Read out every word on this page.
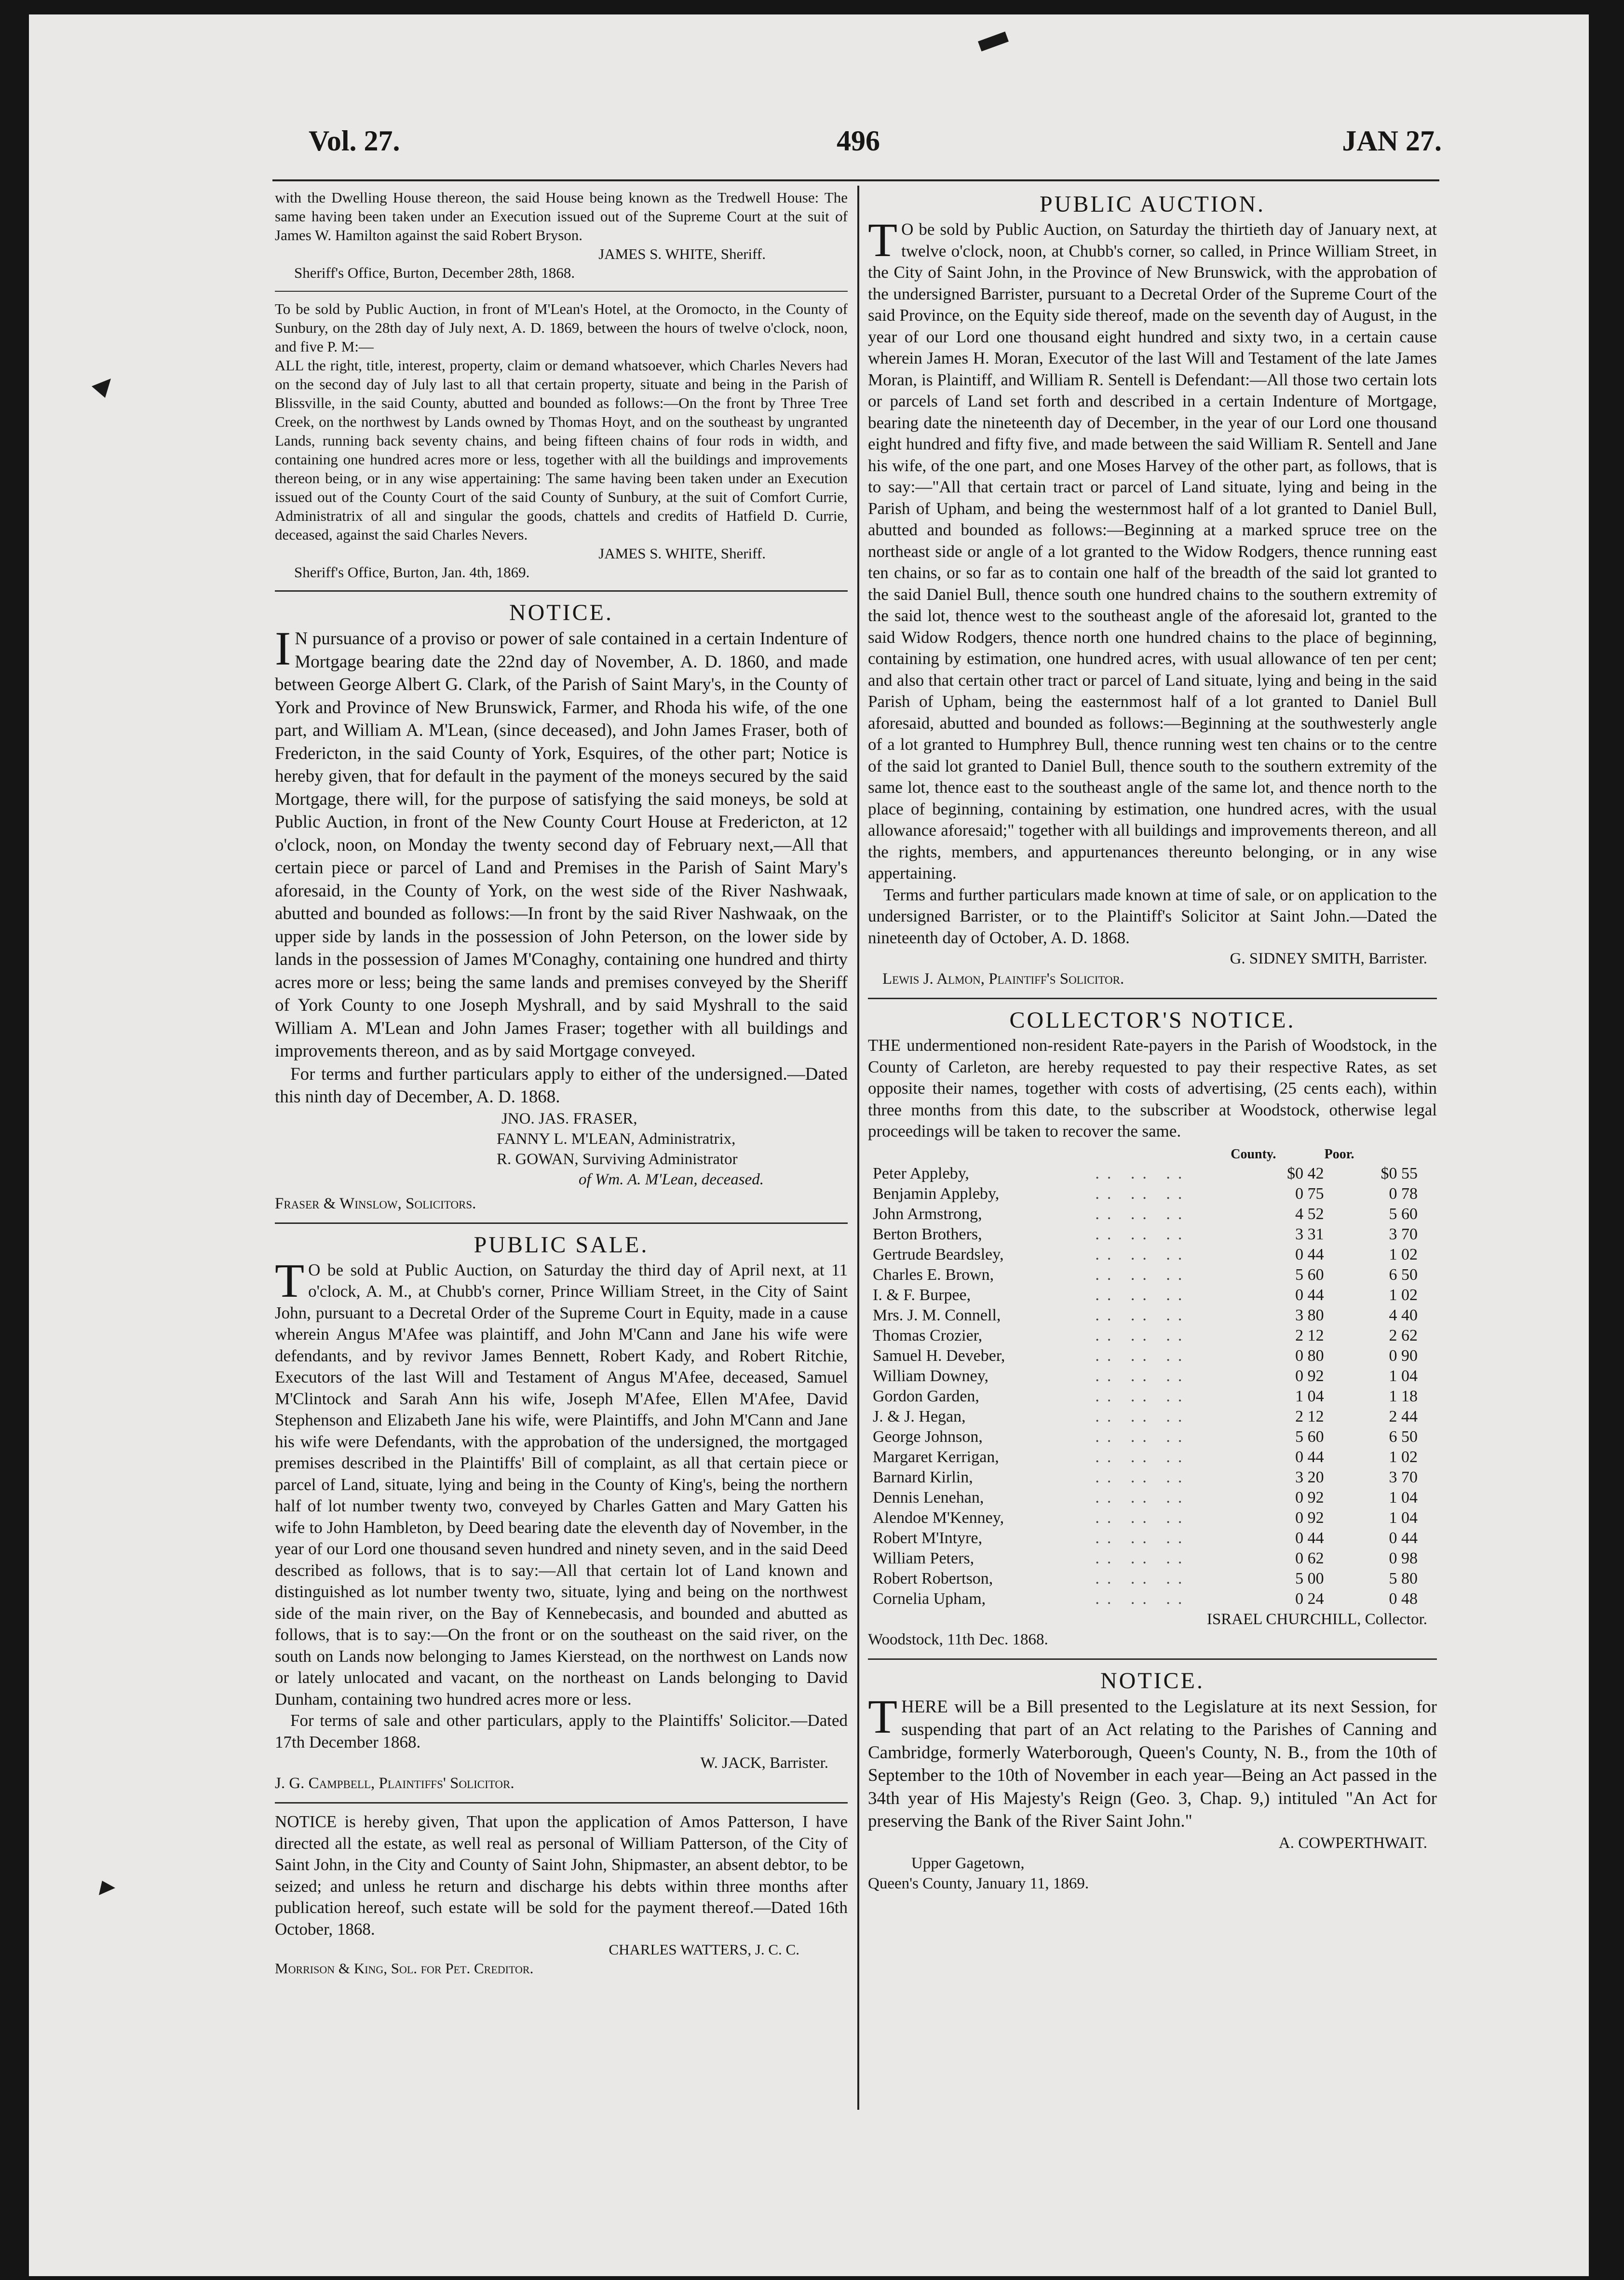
Vol. 27.	496	JAN 27.

with the Dwelling House thereon, the said House being known as the Tredwell House: The same having been taken under an Execution issued out of the Supreme Court at the suit of James W. Hamilton against the said Robert Bryson.

JAMES S. WHITE, Sheriff.

Sheriff's Office, Burton, December 28th, 1868.

To be sold by Public Auction, in front of M'Lean's Hotel, at the Oromocto, in the County of Sunbury, on the 28th day of July next, A. D. 1869, between the hours of twelve o'clock, noon, and five P. M:—

ALL the right, title, interest, property, claim or demand whatsoever, which Charles Nevers had on the second day of July last to all that certain property, situate and being in the Parish of Blissville, in the said County, abutted and bounded as follows:—On the front by Three Tree Creek, on the northwest by Lands owned by Thomas Hoyt, and on the southeast by ungranted Lands, running back seventy chains, and being fifteen chains of four rods in width, and containing one hundred acres more or less, together with all the buildings and improvements thereon being, or in any wise appertaining: The same having been taken under an Execution issued out of the County Court of the said County of Sunbury, at the suit of Comfort Currie, Administratrix of all and singular the goods, chattels and credits of Hatfield D. Currie, deceased, against the said Charles Nevers.

JAMES S. WHITE, Sheriff.

Sheriff's Office, Burton, Jan. 4th, 1869.

NOTICE.

IN pursuance of a proviso or power of sale contained in a certain Indenture of Mortgage bearing date the 22nd day of November, A. D. 1860, and made between George Albert G. Clark, of the Parish of Saint Mary's, in the County of York and Province of New Brunswick, Farmer, and Rhoda his wife, of the one part, and William A. M'Lean, (since deceased), and John James Fraser, both of Fredericton, in the said County of York, Esquires, of the other part; Notice is hereby given, that for default in the payment of the moneys secured by the said Mortgage, there will, for the purpose of satisfying the said moneys, be sold at Public Auction, in front of the New County Court House at Fredericton, at 12 o'clock, noon, on Monday the twenty second day of February next,—All that certain piece or parcel of Land and Premises in the Parish of Saint Mary's aforesaid, in the County of York, on the west side of the River Nashwaak, abutted and bounded as follows:—In front by the said River Nashwaak, on the upper side by lands in the possession of John Peterson, on the lower side by lands in the possession of James M'Conaghy, containing one hundred and thirty acres more or less; being the same lands and premises conveyed by the Sheriff of York County to one Joseph Myshrall, and by said Myshrall to the said William A. M'Lean and John James Fraser; together with all buildings and improvements thereon, and as by said Mortgage conveyed.

For terms and further particulars apply to either of the undersigned.—Dated this ninth day of December, A. D. 1868.

JNO. JAS. FRASER,

FANNY L. M'LEAN, Administratrix,

R. GOWAN, Surviving Administrator

of Wm. A. M'Lean, deceased.

Fraser & Winslow, Solicitors.

PUBLIC SALE.

TO be sold at Public Auction, on Saturday the third day of April next, at 11 o'clock, A. M., at Chubb's corner, Prince William Street, in the City of Saint John, pursuant to a Decretal Order of the Supreme Court in Equity, made in a cause wherein Angus M'Afee was plaintiff, and John M'Cann and Jane his wife were defendants, and by revivor James Bennett, Robert Kady, and Robert Ritchie, Executors of the last Will and Testament of Angus M'Afee, deceased, Samuel M'Clintock and Sarah Ann his wife, Joseph M'Afee, Ellen M'Afee, David Stephenson and Elizabeth Jane his wife, were Plaintiffs, and John M'Cann and Jane his wife were Defendants, with the approbation of the undersigned, the mortgaged premises described in the Plaintiffs' Bill of complaint, as all that certain piece or parcel of Land, situate, lying and being in the County of King's, being the northern half of lot number twenty two, conveyed by Charles Gatten and Mary Gatten his wife to John Hambleton, by Deed bearing date the eleventh day of November, in the year of our Lord one thousand seven hundred and ninety seven, and in the said Deed described as follows, that is to say:—All that certain lot of Land known and distinguished as lot number twenty two, situate, lying and being on the northwest side of the main river, on the Bay of Kennebecasis, and bounded and abutted as follows, that is to say:—On the front or on the southeast on the said river, on the south on Lands now belonging to James Kierstead, on the northwest on Lands now or lately unlocated and vacant, on the northeast on Lands belonging to David Dunham, containing two hundred acres more or less.

For terms of sale and other particulars, apply to the Plaintiffs' Solicitor.—Dated 17th December 1868.

W. JACK, Barrister.

J. G. Campbell, Plaintiffs' Solicitor.

NOTICE is hereby given, That upon the application of Amos Patterson, I have directed all the estate, as well real as personal of William Patterson, of the City of Saint John, in the City and County of Saint John, Shipmaster, an absent debtor, to be seized; and unless he return and discharge his debts within three months after publication hereof, such estate will be sold for the payment thereof.—Dated 16th October, 1868.

CHARLES WATTERS, J. C. C.

Morrison & King, Sol. for Pet. Creditor.

PUBLIC AUCTION.

TO be sold by Public Auction, on Saturday the thirtieth day of January next, at twelve o'clock, noon, at Chubb's corner, so called, in Prince William Street, in the City of Saint John, in the Province of New Brunswick, with the approbation of the undersigned Barrister, pursuant to a Decretal Order of the Supreme Court of the said Province, on the Equity side thereof, made on the seventh day of August, in the year of our Lord one thousand eight hundred and sixty two, in a certain cause wherein James H. Moran, Executor of the last Will and Testament of the late James Moran, is Plaintiff, and William R. Sentell is Defendant:—All those two certain lots or parcels of Land set forth and described in a certain Indenture of Mortgage, bearing date the nineteenth day of December, in the year of our Lord one thousand eight hundred and fifty five, and made between the said William R. Sentell and Jane his wife, of the one part, and one Moses Harvey of the other part, as follows, that is to say:—"All that certain tract or parcel of Land situate, lying and being in the Parish of Upham, and being the westernmost half of a lot granted to Daniel Bull, abutted and bounded as follows:—Beginning at a marked spruce tree on the northeast side or angle of a lot granted to the Widow Rodgers, thence running east ten chains, or so far as to contain one half of the breadth of the said lot granted to the said Daniel Bull, thence south one hundred chains to the southern extremity of the said lot, thence west to the southeast angle of the aforesaid lot, granted to the said Widow Rodgers, thence north one hundred chains to the place of beginning, containing by estimation, one hundred acres, with usual allowance of ten per cent; and also that certain other tract or parcel of Land situate, lying and being in the said Parish of Upham, being the easternmost half of a lot granted to Daniel Bull aforesaid, abutted and bounded as follows:—Beginning at the southwesterly angle of a lot granted to Humphrey Bull, thence running west ten chains or to the centre of the said lot granted to Daniel Bull, thence south to the southern extremity of the same lot, thence east to the southeast angle of the same lot, and thence north to the place of beginning, containing by estimation, one hundred acres, with the usual allowance aforesaid;" together with all buildings and improvements thereon, and all the rights, members, and appurtenances thereunto belonging, or in any wise appertaining.

Terms and further particulars made known at time of sale, or on application to the undersigned Barrister, or to the Plaintiff's Solicitor at Saint John.—Dated the nineteenth day of October, A. D. 1868.

G. SIDNEY SMITH, Barrister.

Lewis J. Almon, Plaintiff's Solicitor.

COLLECTOR'S NOTICE.

THE undermentioned non-resident Rate-payers in the Parish of Woodstock, in the County of Carleton, are hereby requested to pay their respective Rates, as set opposite their names, together with costs of advertising, (25 cents each), within three months from this date, to the subscriber at Woodstock, otherwise legal proceedings will be taken to recover the same.

		County.	Poor.
Peter Appleby,	.. .. ..	$0 42	$0 55
Benjamin Appleby,	.. .. ..	0 75	0 78
John Armstrong,	.. .. ..	4 52	5 60
Berton Brothers,	.. .. ..	3 31	3 70
Gertrude Beardsley,	.. .. ..	0 44	1 02
Charles E. Brown,	.. .. ..	5 60	6 50
I. & F. Burpee,	.. .. ..	0 44	1 02
Mrs. J. M. Connell,	.. .. ..	3 80	4 40
Thomas Crozier,	.. .. ..	2 12	2 62
Samuel H. Deveber,	.. .. ..	0 80	0 90
William Downey,	.. .. ..	0 92	1 04
Gordon Garden,	.. .. ..	1 04	1 18
J. & J. Hegan,	.. .. ..	2 12	2 44
George Johnson,	.. .. ..	5 60	6 50
Margaret Kerrigan,	.. .. ..	0 44	1 02
Barnard Kirlin,	.. .. ..	3 20	3 70
Dennis Lenehan,	.. .. ..	0 92	1 04
Alendoe M'Kenney,	.. .. ..	0 92	1 04
Robert M'Intyre,	.. .. ..	0 44	0 44
William Peters,	.. .. ..	0 62	0 98
Robert Robertson,	.. .. ..	5 00	5 80
Cornelia Upham,	.. .. ..	0 24	0 48

ISRAEL CHURCHILL, Collector.

Woodstock, 11th Dec. 1868.

NOTICE.

THERE will be a Bill presented to the Legislature at its next Session, for suspending that part of an Act relating to the Parishes of Canning and Cambridge, formerly Waterborough, Queen's County, N. B., from the 10th of September to the 10th of November in each year—Being an Act passed in the 34th year of His Majesty's Reign (Geo. 3, Chap. 9,) intituled "An Act for preserving the Bank of the River Saint John."

A. COWPERTHWAIT.

Upper Gagetown,

Queen's County, January 11, 1869.
